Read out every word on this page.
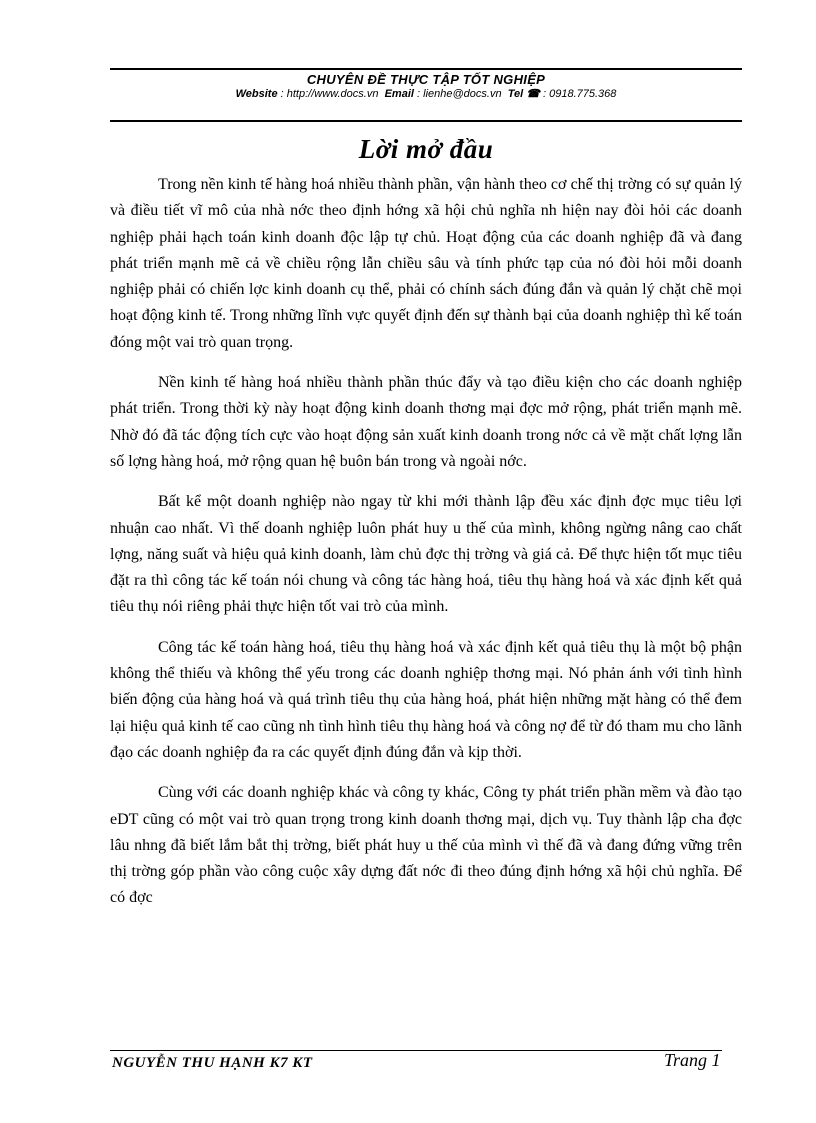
CHUYÊN ĐỀ THỰC TẬP TỐT NGHIỆP
Website : http://www.docs.vn Email : lienhe@docs.vn Tel ☎ : 0918.775.368
Lời mở đầu

Trong nền kinh tế hàng hoá nhiều thành phần, vận hành theo cơ chế thị trờng có sự quản lý và điều tiết vĩ mô của nhà nớc theo định hớng xã hội chủ nghĩa nh hiện nay đòi hỏi các doanh nghiệp phải hạch toán kinh doanh độc lập tự chủ. Hoạt động của các doanh nghiệp đã và đang phát triển mạnh mẽ cả về chiều rộng lẫn chiều sâu và tính phức tạp của nó đòi hỏi mỗi doanh nghiệp phải có chiến lợc kinh doanh cụ thể, phải có chính sách đúng đắn và quản lý chặt chẽ mọi hoạt động kinh tế. Trong những lĩnh vực quyết định đến sự thành bại của doanh nghiệp thì kế toán đóng một vai trò quan trọng.

Nền kinh tế hàng hoá nhiều thành phần thúc đẩy và tạo điều kiện cho các doanh nghiệp phát triển. Trong thời kỳ này hoạt động kinh doanh thơng mại đợc mở rộng, phát triển mạnh mẽ. Nhờ đó đã tác động tích cực vào hoạt động sản xuất kinh doanh trong nớc cả về mặt chất lợng lẫn số lợng hàng hoá, mở rộng quan hệ buôn bán trong và ngoài nớc.

Bất kể một doanh nghiệp nào ngay từ khi mới thành lập đều xác định đợc mục tiêu lợi nhuận cao nhất. Vì thế doanh nghiệp luôn phát huy u thế của mình, không ngừng nâng cao chất lợng, năng suất và hiệu quả kinh doanh, làm chủ đợc thị trờng và giá cả. Để thực hiện tốt mục tiêu đặt ra thì công tác kế toán nói chung và công tác hàng hoá, tiêu thụ hàng hoá và xác định kết quả tiêu thụ nói riêng phải thực hiện tốt vai trò của mình.

Công tác kế toán hàng hoá, tiêu thụ hàng hoá và xác định kết quả tiêu thụ là một bộ phận không thể thiếu và không thể yếu trong các doanh nghiệp thơng mại. Nó phản ánh với tình hình biến động của hàng hoá và quá trình tiêu thụ của hàng hoá, phát hiện những mặt hàng có thể đem lại hiệu quả kinh tế cao cũng nh tình hình tiêu thụ hàng hoá và công nợ để từ đó tham mu cho lãnh đạo các doanh nghiệp đa ra các quyết định đúng đắn và kịp thời.

Cùng với các doanh nghiệp khác và công ty khác, Công ty phát triển phần mềm và đào tạo eDT cũng có một vai trò quan trọng trong kinh doanh thơng mại, dịch vụ. Tuy thành lập cha đợc lâu nhng đã biết lắm bắt thị trờng, biết phát huy u thế của mình vì thế đã và đang đứng vững trên thị trờng góp phần vào công cuộc xây dựng đất nớc đi theo đúng định hớng xã hội chủ nghĩa. Để có đợc

NGUYỄN THU HẠNH K7 KT	Trang 1
